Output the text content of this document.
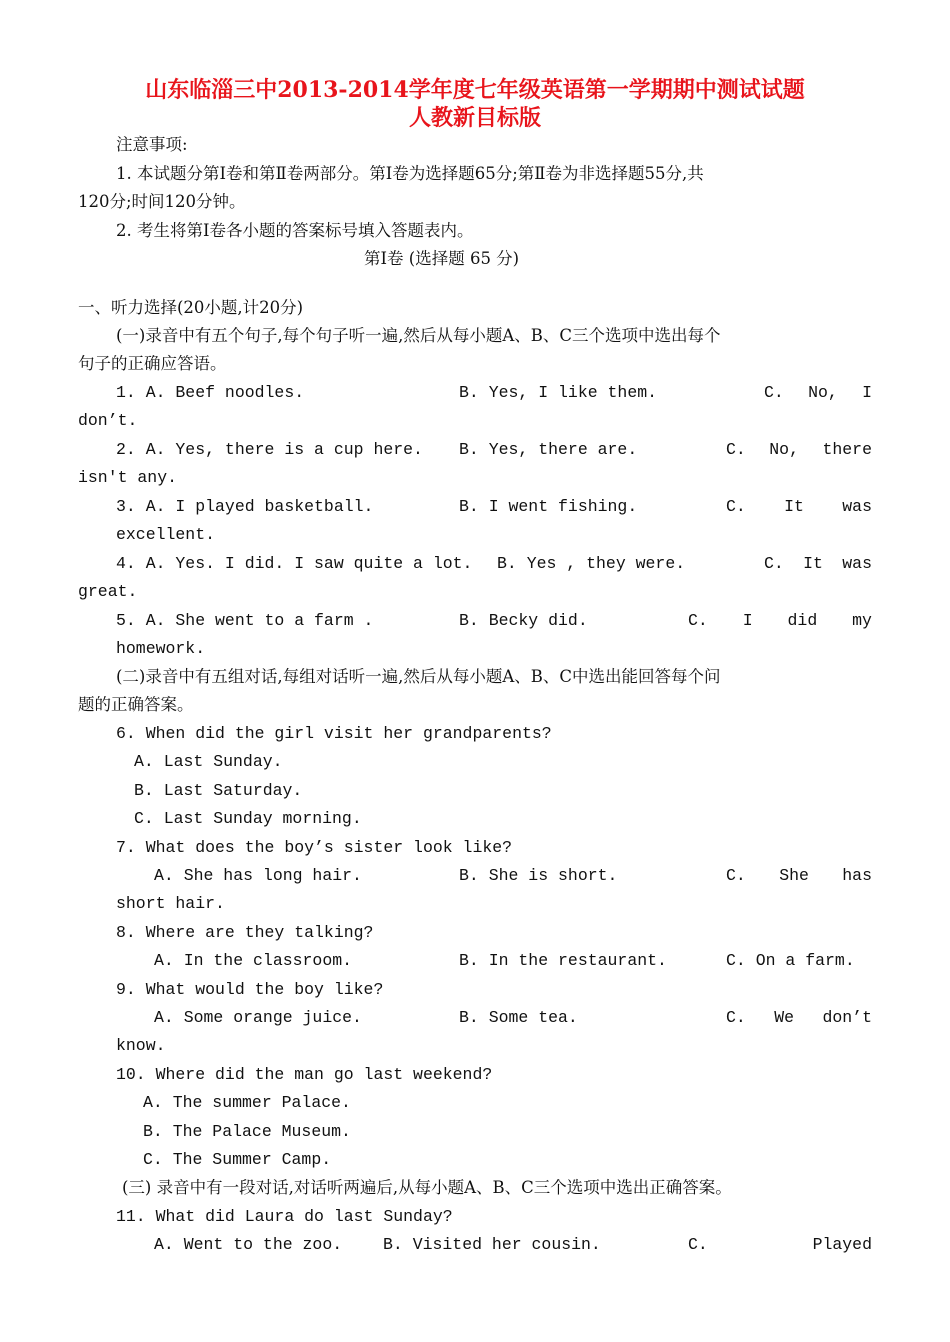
山东临淄三中2013-2014学年度七年级英语第一学期期中测试试题
人教新目标版
注意事项:
1. 本试题分第Ⅰ卷和第Ⅱ卷两部分。第Ⅰ卷为选择题65分;第Ⅱ卷为非选择题55分,共
120分;时间120分钟。
2. 考生将第Ⅰ卷各小题的答案标号填入答题表内。
第Ⅰ卷 (选择题 65 分)
一、听力选择(20小题,计20分)
(一)录音中有五个句子,每个句子听一遍,然后从每小题A、B、C三个选项中选出每个
句子的正确应答语。
1. A. Beef noodles.	B. Yes, I like them.	C. No, I
don’t.
2. A. Yes, there is a cup here. B. Yes, there are.	C. No, there
isn't any.
3. A. I played basketball.	B. I went fishing.	C. It was
excellent.
4. A. Yes. I did. I saw quite a lot. B. Yes , they were.	C. It was
great.
5. A. She went to a farm .	B. Becky did.	C. I did my
homework.
(二)录音中有五组对话,每组对话听一遍,然后从每小题A、B、C中选出能回答每个问
题的正确答案。
6. When did the girl visit her grandparents?
A. Last Sunday.
B. Last Saturday.
C. Last Sunday morning.
7. What does the boy’s sister look like?
A. She has long hair.	B. She is short.	C. She has
short hair.
8. Where are they talking?
A. In the classroom.	B. In the restaurant.	C. On a farm.
9. What would the boy like?
A. Some orange juice.	B. Some tea.	C. We don’t
know.
10. Where did the man go last weekend?
A. The summer Palace.
B. The Palace Museum.
C. The Summer Camp.
(三) 录音中有一段对话,对话听两遍后,从每小题A、B、C三个选项中选出正确答案。
11. What did Laura do last Sunday?
A. Went to the zoo. B. Visited her cousin.	C.	Played
